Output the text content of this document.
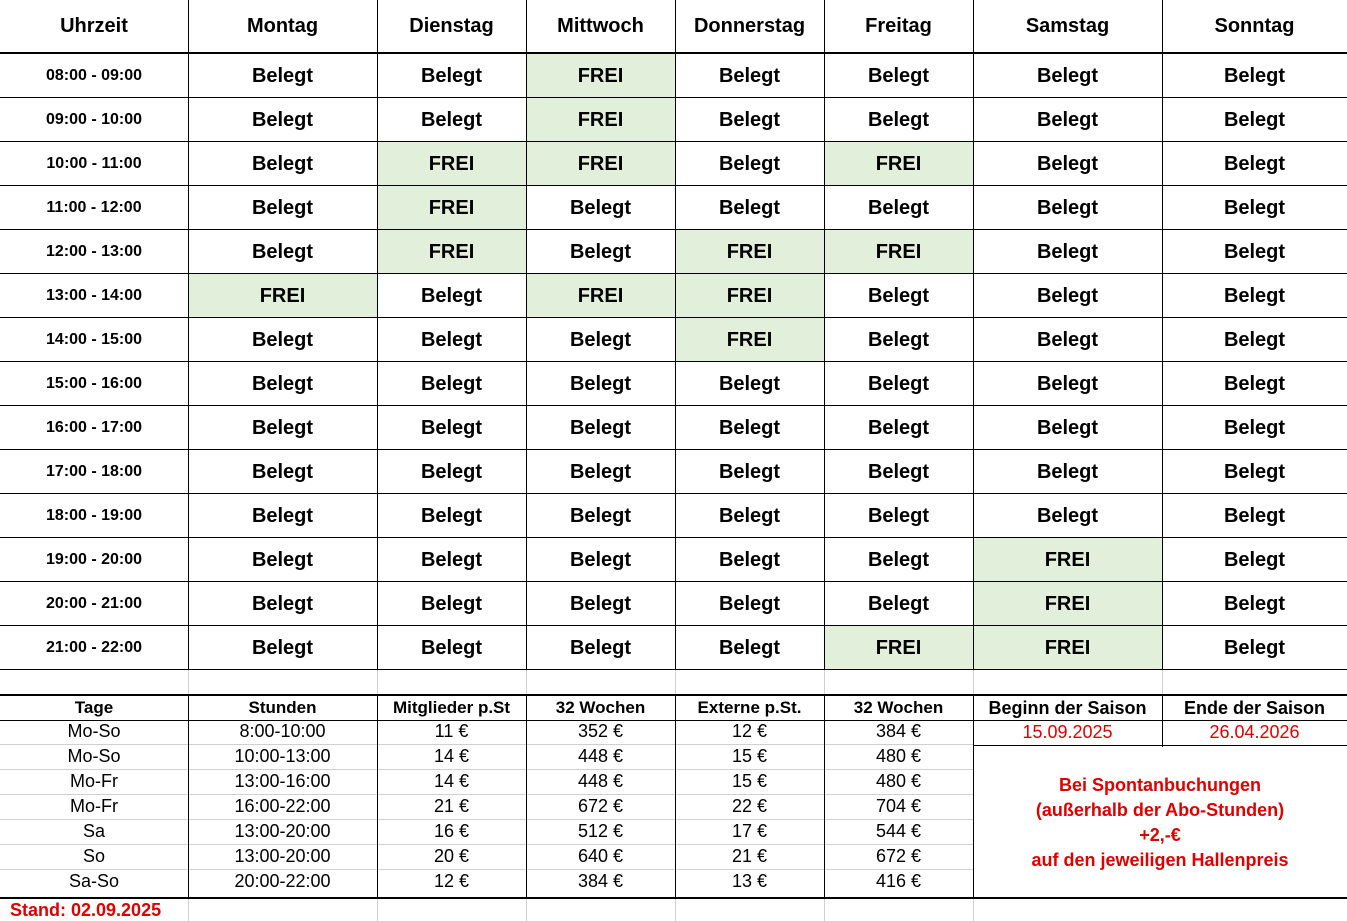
Uhrzeit	Montag	Dienstag	Mittwoch	Donnerstag	Freitag	Samstag	Sonntag
08:00 - 09:00	Belegt	Belegt	FREI	Belegt	Belegt	Belegt	Belegt
09:00 - 10:00	Belegt	Belegt	FREI	Belegt	Belegt	Belegt	Belegt
10:00 - 11:00	Belegt	FREI	FREI	Belegt	FREI	Belegt	Belegt
11:00 - 12:00	Belegt	FREI	Belegt	Belegt	Belegt	Belegt	Belegt
12:00 - 13:00	Belegt	FREI	Belegt	FREI	FREI	Belegt	Belegt
13:00 - 14:00	FREI	Belegt	FREI	FREI	Belegt	Belegt	Belegt
14:00 - 15:00	Belegt	Belegt	Belegt	FREI	Belegt	Belegt	Belegt
15:00 - 16:00	Belegt	Belegt	Belegt	Belegt	Belegt	Belegt	Belegt
16:00 - 17:00	Belegt	Belegt	Belegt	Belegt	Belegt	Belegt	Belegt
17:00 - 18:00	Belegt	Belegt	Belegt	Belegt	Belegt	Belegt	Belegt
18:00 - 19:00	Belegt	Belegt	Belegt	Belegt	Belegt	Belegt	Belegt
19:00 - 20:00	Belegt	Belegt	Belegt	Belegt	Belegt	FREI	Belegt
20:00 - 21:00	Belegt	Belegt	Belegt	Belegt	Belegt	FREI	Belegt
21:00 - 22:00	Belegt	Belegt	Belegt	Belegt	FREI	FREI	Belegt
Tage	Stunden	Mitglieder p.St	32 Wochen	Externe p.St.	32 Wochen
Mo-So	8:00-10:00	11 €	352 €	12 €	384 €
Mo-So	10:00-13:00	14 €	448 €	15 €	480 €
Mo-Fr	13:00-16:00	14 €	448 €	15 €	480 €
Mo-Fr	16:00-22:00	21 €	672 €	22 €	704 €
Sa	13:00-20:00	16 €	512 €	17 €	544 €
So	13:00-20:00	20 €	640 €	21 €	672 €
Sa-So	20:00-22:00	12 €	384 €	13 €	416 €
Beginn der Saison	Ende der Saison
15.09.2025	26.04.2026
Bei Spontanbuchungen
(außerhalb der Abo-Stunden)
+2,-€
auf den jeweiligen Hallenpreis
Stand: 02.09.2025
